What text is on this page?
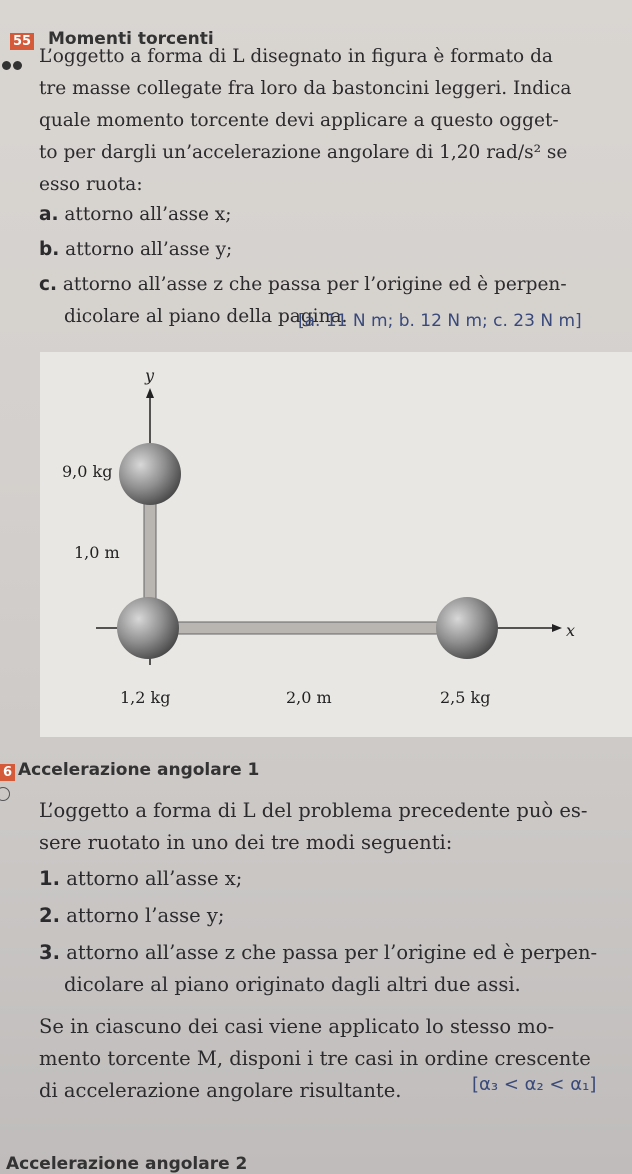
55 Momenti torcenti
L’oggetto a forma di L disegnato in figura è formato da
tre masse collegate fra loro da bastoncini leggeri. Indica
quale momento torcente devi applicare a questo ogget-
to per dargli un’accelerazione angolare di 1,20 rad/s² se
esso ruota:
a. attorno all’asse x;
b. attorno all’asse y;
c. attorno all’asse z che passa per l’origine ed è perpen-
dicolare al piano della pagina.
[a. 11 N m; b. 12 N m; c. 23 N m]
y
x
9,0 kg
1,0 m
1,2 kg	2,0 m	2,5 kg
6 Accelerazione angolare 1
L’oggetto a forma di L del problema precedente può es-
sere ruotato in uno dei tre modi seguenti:
1. attorno all’asse x;
2. attorno l’asse y;
3. attorno all’asse z che passa per l’origine ed è perpen-
dicolare al piano originato dagli altri due assi.
Se in ciascuno dei casi viene applicato lo stesso mo-
mento torcente M, disponi i tre casi in ordine crescente
di accelerazione angolare risultante.	[α₃ < α₂ < α₁]
Accelerazione angolare 2
